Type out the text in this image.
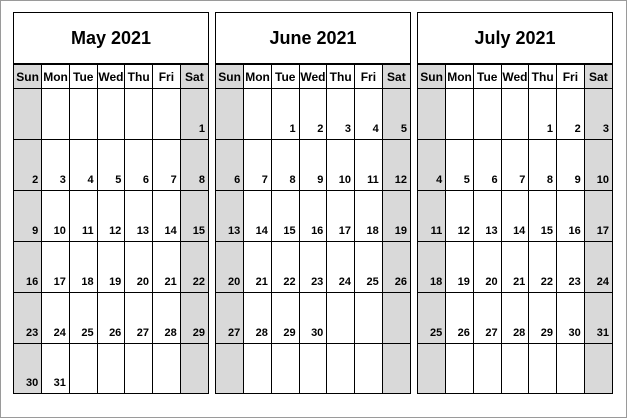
May 2021
Sun	Mon	Tue	Wed	Thu	Fri	Sat
						1
2	3	4	5	6	7	8
9	10	11	12	13	14	15
16	17	18	19	20	21	22
23	24	25	26	27	28	29
30	31					
June 2021
Sun	Mon	Tue	Wed	Thu	Fri	Sat
		1	2	3	4	5
6	7	8	9	10	11	12
13	14	15	16	17	18	19
20	21	22	23	24	25	26
27	28	29	30			

July 2021
Sun	Mon	Tue	Wed	Thu	Fri	Sat
				1	2	3
4	5	6	7	8	9	10
11	12	13	14	15	16	17
18	19	20	21	22	23	24
25	26	27	28	29	30	31
